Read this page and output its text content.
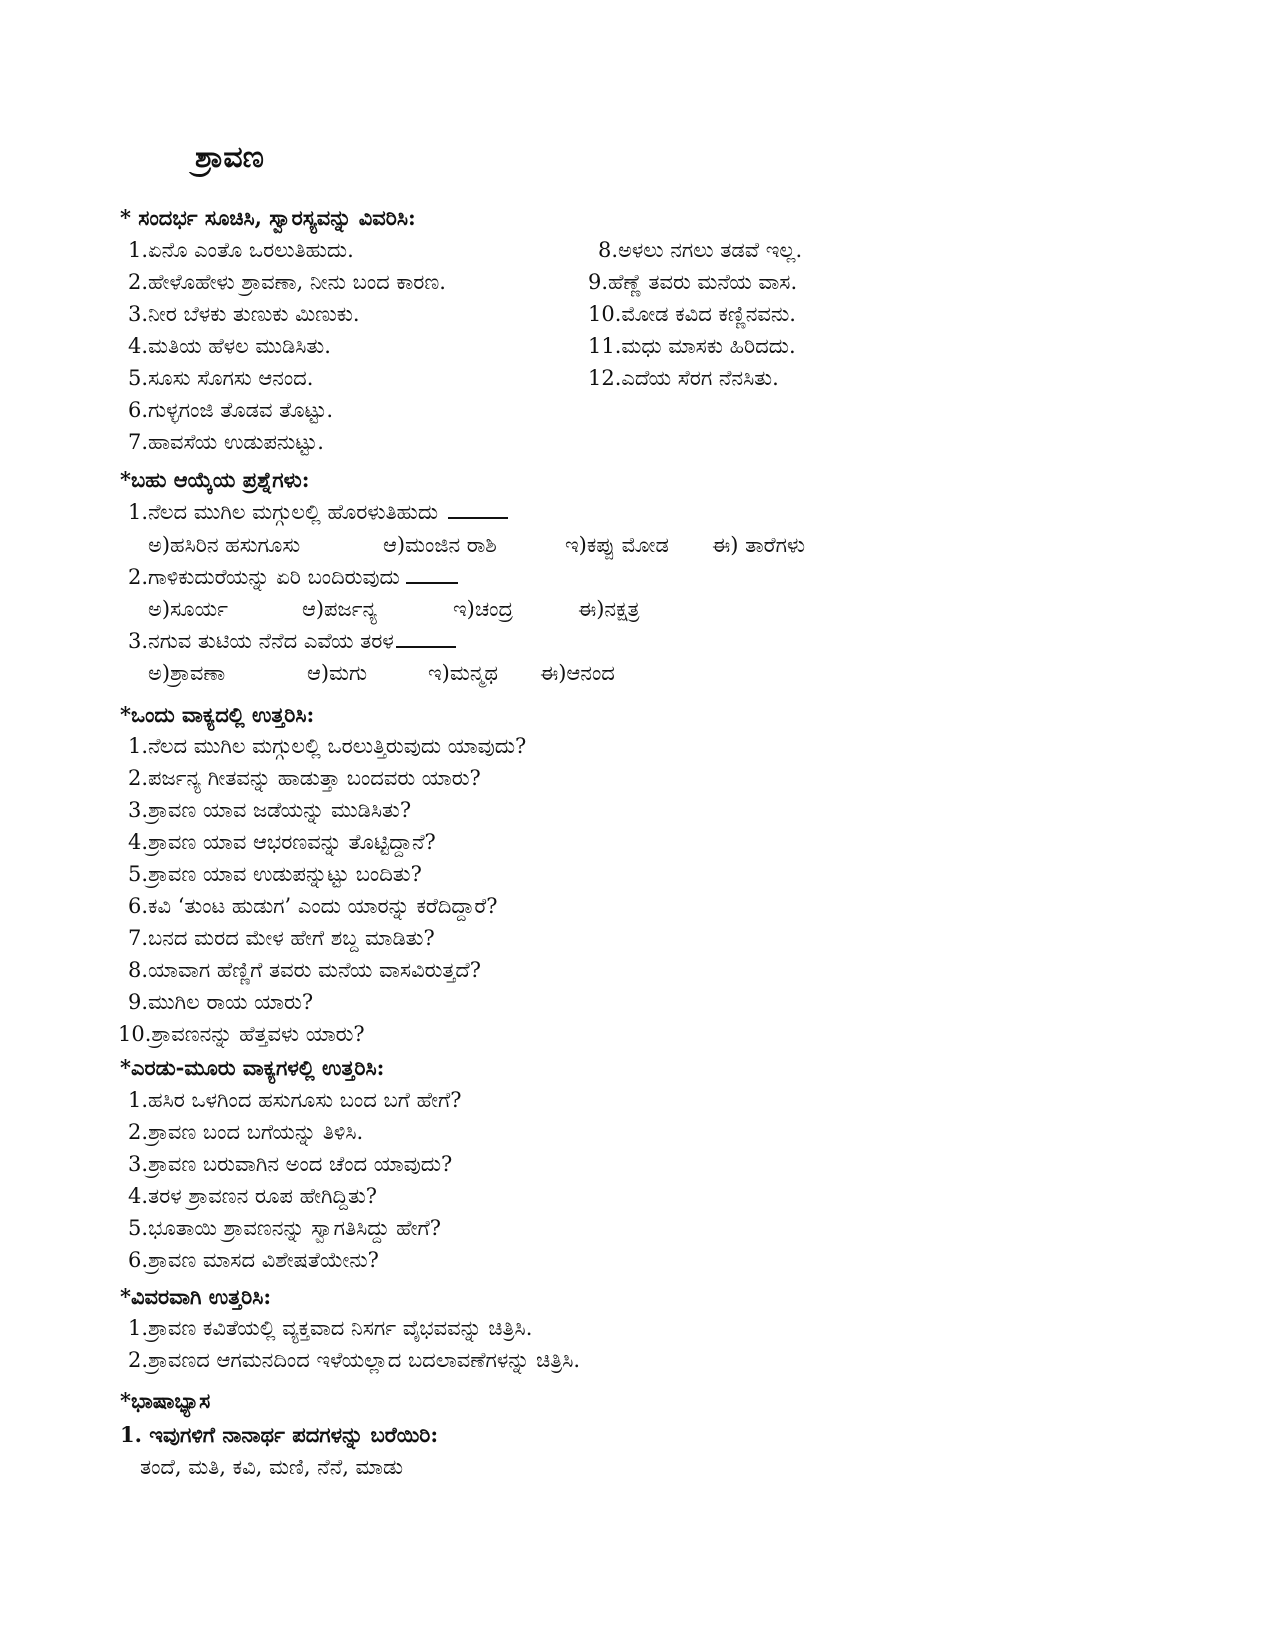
ಶ್ರಾವಣ
* ಸಂದರ್ಭ ಸೂಚಿಸಿ, ಸ್ವಾರಸ್ಯವನ್ನು ವಿವರಿಸಿ:
1.ಏನೊ ಎಂತೊ ಒರಲುತಿಹುದು.
2.ಹೇಳೊಹೇಳು ಶ್ರಾವಣಾ, ನೀನು ಬಂದ ಕಾರಣ.
3.ನೀರ ಬೆಳಕು ತುಣುಕು ಮಿಣುಕು.
4.ಮತಿಯ ಹೆಳಲ ಮುಡಿಸಿತು.
5.ಸೂಸು ಸೊಗಸು ಆನಂದ.
6.ಗುಳ್ಳಗಂಜಿ ತೊಡವ ತೊಟ್ಟು.
7.ಹಾವಸೆಯ ಉಡುಪನುಟ್ಟು.
8.ಅಳಲು ನಗಲು ತಡವೆ ಇಲ್ಲ.
9.ಹೆಣ್ಣೆ ತವರು ಮನೆಯ ವಾಸ.
10.ಮೋಡ ಕವಿದ ಕಣ್ಣಿನವನು.
11.ಮಧು ಮಾಸಕು ಹಿರಿದದು.
12.ಎದೆಯ ಸೆರಗ ನೆನಸಿತು.
*ಬಹು ಆಯ್ಕೆಯ ಪ್ರಶ್ನೆಗಳು:
1.ನೆಲದ ಮುಗಿಲ ಮಗ್ಗುಲಲ್ಲಿ ಹೊರಳುತಿಹುದು
ಅ)ಹಸಿರಿನ ಹಸುಗೂಸು	ಆ)ಮಂಜಿನ ರಾಶಿ	ಇ)ಕಪ್ಪು ಮೋಡ ಈ) ತಾರೆಗಳು
2.ಗಾಳಿಕುದುರೆಯನ್ನು ಏರಿ ಬಂದಿರುವುದು
ಅ)ಸೂರ್ಯ	ಆ)ಪರ್ಜನ್ಯ	ಇ)ಚಂದ್ರ	ಈ)ನಕ್ಷತ್ರ
3.ನಗುವ ತುಟಿಯ ನೆನೆದ ಎವೆಯ ತರಳ
ಅ)ಶ್ರಾವಣಾ	ಆ)ಮಗು	ಇ)ಮನ್ಮಥ ಈ)ಆನಂದ
*ಒಂದು ವಾಕ್ಯದಲ್ಲಿ ಉತ್ತರಿಸಿ:
1.ನೆಲದ ಮುಗಿಲ ಮಗ್ಗುಲಲ್ಲಿ ಒರಲುತ್ತಿರುವುದು ಯಾವುದು?
2.ಪರ್ಜನ್ಯ ಗೀತವನ್ನು ಹಾಡುತ್ತಾ ಬಂದವರು ಯಾರು?
3.ಶ್ರಾವಣ ಯಾವ ಜಡೆಯನ್ನು ಮುಡಿಸಿತು?
4.ಶ್ರಾವಣ ಯಾವ ಆಭರಣವನ್ನು ತೊಟ್ಟಿದ್ದಾನೆ?
5.ಶ್ರಾವಣ ಯಾವ ಉಡುಪನ್ನುಟ್ಟು ಬಂದಿತು?
6.ಕವಿ ‘ತುಂಟ ಹುಡುಗ’ ಎಂದು ಯಾರನ್ನು ಕರೆದಿದ್ದಾರೆ?
7.ಬನದ ಮರದ ಮೇಳ ಹೇಗೆ ಶಬ್ದ ಮಾಡಿತು?
8.ಯಾವಾಗ ಹೆಣ್ಣಿಗೆ ತವರು ಮನೆಯ ವಾಸವಿರುತ್ತದೆ?
9.ಮುಗಿಲ ರಾಯ ಯಾರು?
10.ಶ್ರಾವಣನನ್ನು ಹೆತ್ತವಳು ಯಾರು?
*ಎರಡು-ಮೂರು ವಾಕ್ಯಗಳಲ್ಲಿ ಉತ್ತರಿಸಿ:
1.ಹಸಿರ ಒಳಗಿಂದ ಹಸುಗೂಸು ಬಂದ ಬಗೆ ಹೇಗೆ?
2.ಶ್ರಾವಣ ಬಂದ ಬಗೆಯನ್ನು ತಿಳಿಸಿ.
3.ಶ್ರಾವಣ ಬರುವಾಗಿನ ಅಂದ ಚೆಂದ ಯಾವುದು?
4.ತರಳ ಶ್ರಾವಣನ ರೂಪ ಹೇಗಿದ್ದಿತು?
5.ಭೂತಾಯಿ ಶ್ರಾವಣನನ್ನು ಸ್ವಾಗತಿಸಿದ್ದು ಹೇಗೆ?
6.ಶ್ರಾವಣ ಮಾಸದ ವಿಶೇಷತೆಯೇನು?
*ವಿವರವಾಗಿ ಉತ್ತರಿಸಿ:
1.ಶ್ರಾವಣ ಕವಿತೆಯಲ್ಲಿ ವ್ಯಕ್ತವಾದ ನಿಸರ್ಗ ವೈಭವವನ್ನು ಚಿತ್ರಿಸಿ.
2.ಶ್ರಾವಣದ ಆಗಮನದಿಂದ ಇಳೆಯಲ್ಲಾದ ಬದಲಾವಣೆಗಳನ್ನು ಚಿತ್ರಿಸಿ.
*ಭಾಷಾಭ್ಯಾಸ
1. ಇವುಗಳಿಗೆ ನಾನಾರ್ಥ ಪದಗಳನ್ನು ಬರೆಯಿರಿ:
ತಂದೆ, ಮತಿ, ಕವಿ, ಮಣಿ, ನೆನೆ, ಮಾಡು
